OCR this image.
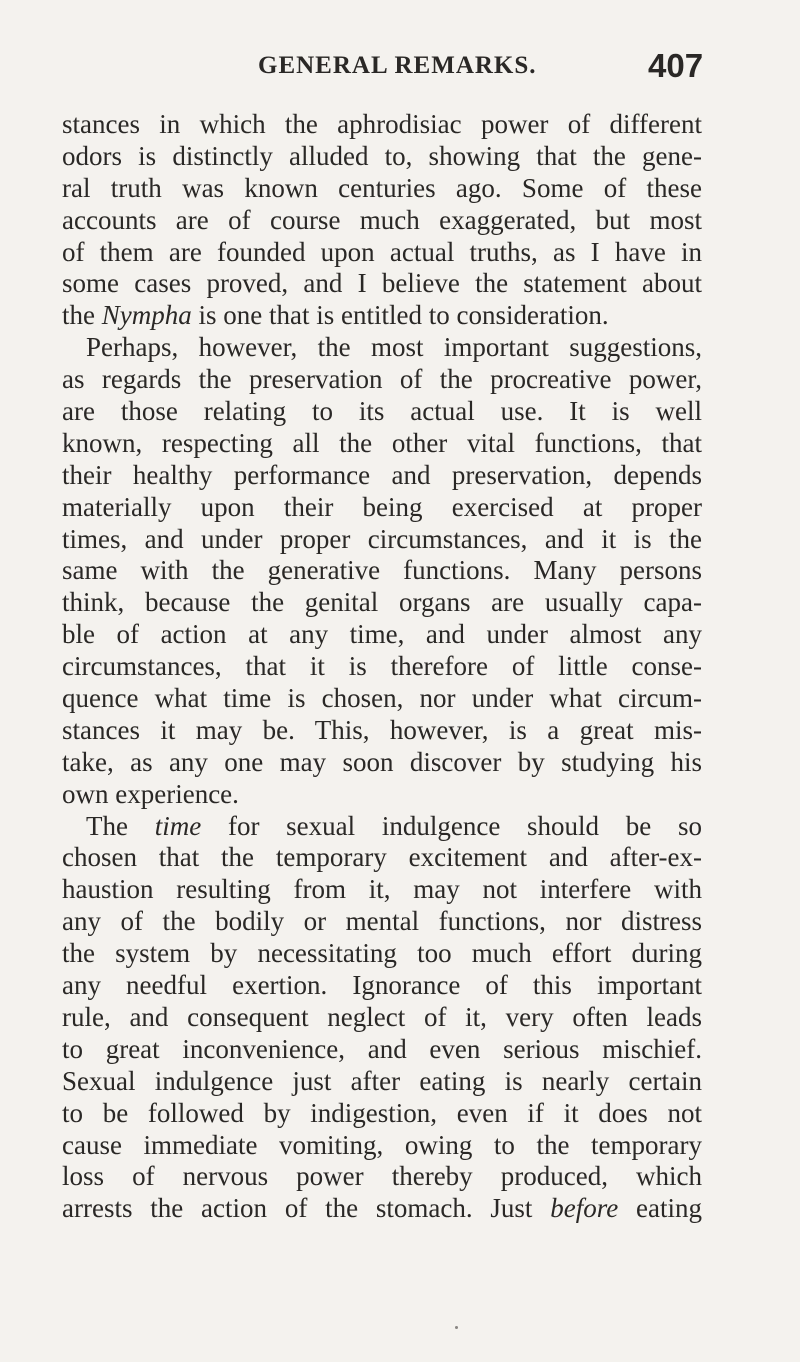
GENERAL REMARKS.	407
stances in which the aphrodisiac power of different
odors is distinctly alluded to, showing that the gene-
ral truth was known centuries ago. Some of these
accounts are of course much exaggerated, but most
of them are founded upon actual truths, as I have in
some cases proved, and I believe the statement about
the Nympha is one that is entitled to consideration.
Perhaps, however, the most important suggestions,
as regards the preservation of the procreative power,
are those relating to its actual use. It is well
known, respecting all the other vital functions, that
their healthy performance and preservation, depends
materially upon their being exercised at proper
times, and under proper circumstances, and it is the
same with the generative functions. Many persons
think, because the genital organs are usually capa-
ble of action at any time, and under almost any
circumstances, that it is therefore of little conse-
quence what time is chosen, nor under what circum-
stances it may be. This, however, is a great mis-
take, as any one may soon discover by studying his
own experience.
The time for sexual indulgence should be so
chosen that the temporary excitement and after-ex-
haustion resulting from it, may not interfere with
any of the bodily or mental functions, nor distress
the system by necessitating too much effort during
any needful exertion. Ignorance of this important
rule, and consequent neglect of it, very often leads
to great inconvenience, and even serious mischief.
Sexual indulgence just after eating is nearly certain
to be followed by indigestion, even if it does not
cause immediate vomiting, owing to the temporary
loss of nervous power thereby produced, which
arrests the action of the stomach. Just before eating
